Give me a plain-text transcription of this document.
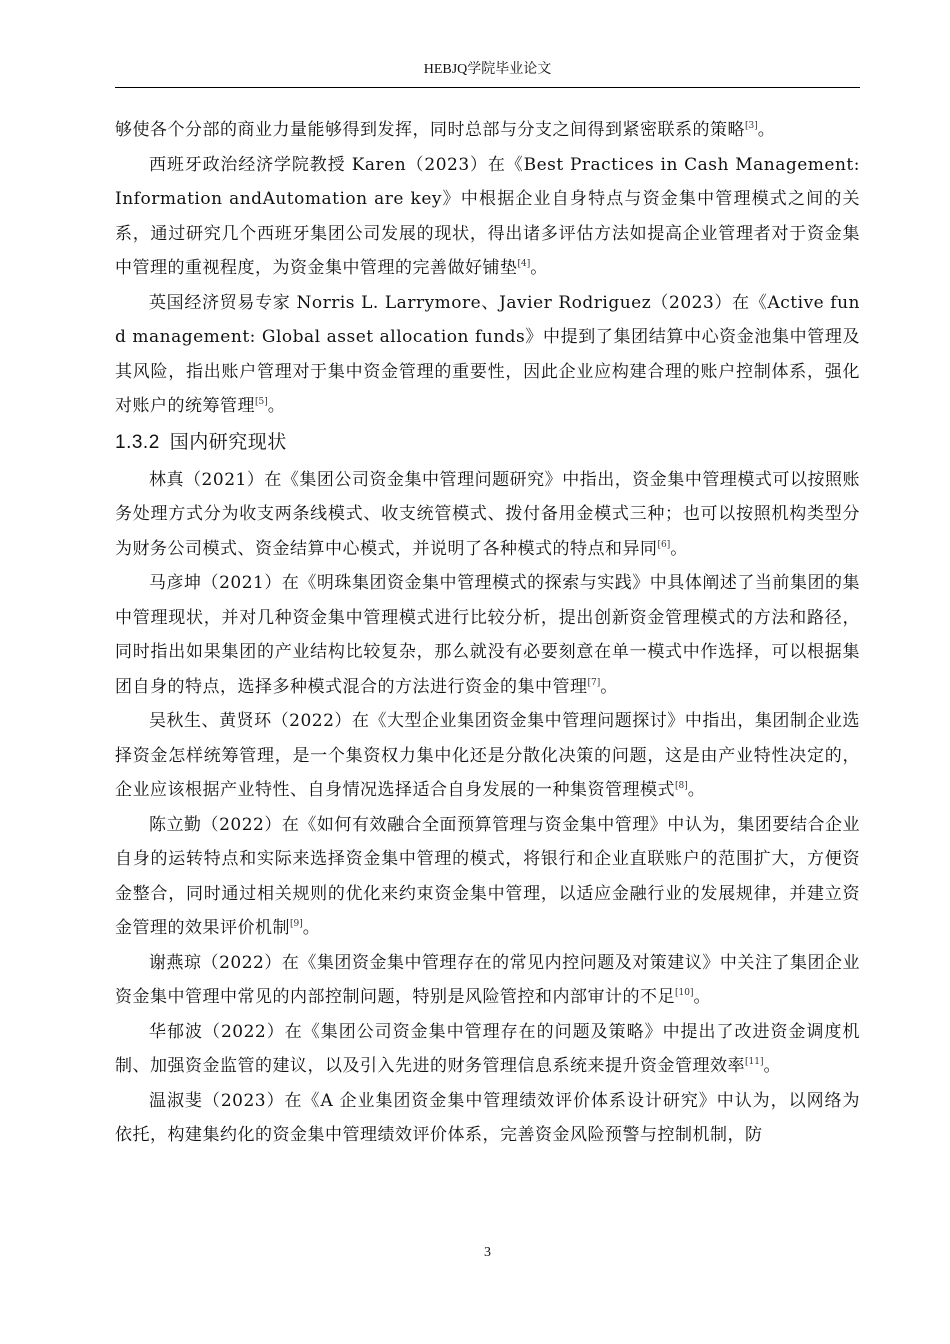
HEBJQ学院毕业论文

够使各个分部的商业力量能够得到发挥，同时总部与分支之间得到紧密联系的策略[3]。

西班牙政治经济学院教授 Karen（2023）在《Best Practices in Cash Management: Information andAutomation are key》中根据企业自身特点与资金集中管理模式之间的关系，通过研究几个西班牙集团公司发展的现状，得出诸多评估方法如提高企业管理者对于资金集中管理的重视程度，为资金集中管理的完善做好铺垫[4]。

英国经济贸易专家 Norris L. Larrymore、Javier Rodriguez（2023）在《Active fund management: Global asset allocation funds》中提到了集团结算中心资金池集中管理及其风险，指出账户管理对于集中资金管理的重要性，因此企业应构建合理的账户控制体系，强化对账户的统筹管理[5]。

1.3.2 国内研究现状

林真（2021）在《集团公司资金集中管理问题研究》中指出，资金集中管理模式可以按照账务处理方式分为收支两条线模式、收支统管模式、拨付备用金模式三种；也可以按照机构类型分为财务公司模式、资金结算中心模式，并说明了各种模式的特点和异同[6]。

马彦坤（2021）在《明珠集团资金集中管理模式的探索与实践》中具体阐述了当前集团的集中管理现状，并对几种资金集中管理模式进行比较分析，提出创新资金管理模式的方法和路径，同时指出如果集团的产业结构比较复杂，那么就没有必要刻意在单一模式中作选择，可以根据集团自身的特点，选择多种模式混合的方法进行资金的集中管理[7]。

吴秋生、黄贤环（2022）在《大型企业集团资金集中管理问题探讨》中指出，集团制企业选择资金怎样统筹管理，是一个集资权力集中化还是分散化决策的问题，这是由产业特性决定的，企业应该根据产业特性、自身情况选择适合自身发展的一种集资管理模式[8]。

陈立勤（2022）在《如何有效融合全面预算管理与资金集中管理》中认为，集团要结合企业自身的运转特点和实际来选择资金集中管理的模式，将银行和企业直联账户的范围扩大，方便资金整合，同时通过相关规则的优化来约束资金集中管理，以适应金融行业的发展规律，并建立资金管理的效果评价机制[9]。

谢燕琼（2022）在《集团资金集中管理存在的常见内控问题及对策建议》中关注了集团企业资金集中管理中常见的内部控制问题，特别是风险管控和内部审计的不足[10]。

华郁波（2022）在《集团公司资金集中管理存在的问题及策略》中提出了改进资金调度机制、加强资金监管的建议，以及引入先进的财务管理信息系统来提升资金管理效率[11]。

温淑斐（2023）在《A 企业集团资金集中管理绩效评价体系设计研究》中认为，以网络为依托，构建集约化的资金集中管理绩效评价体系，完善资金风险预警与控制机制，防

3
